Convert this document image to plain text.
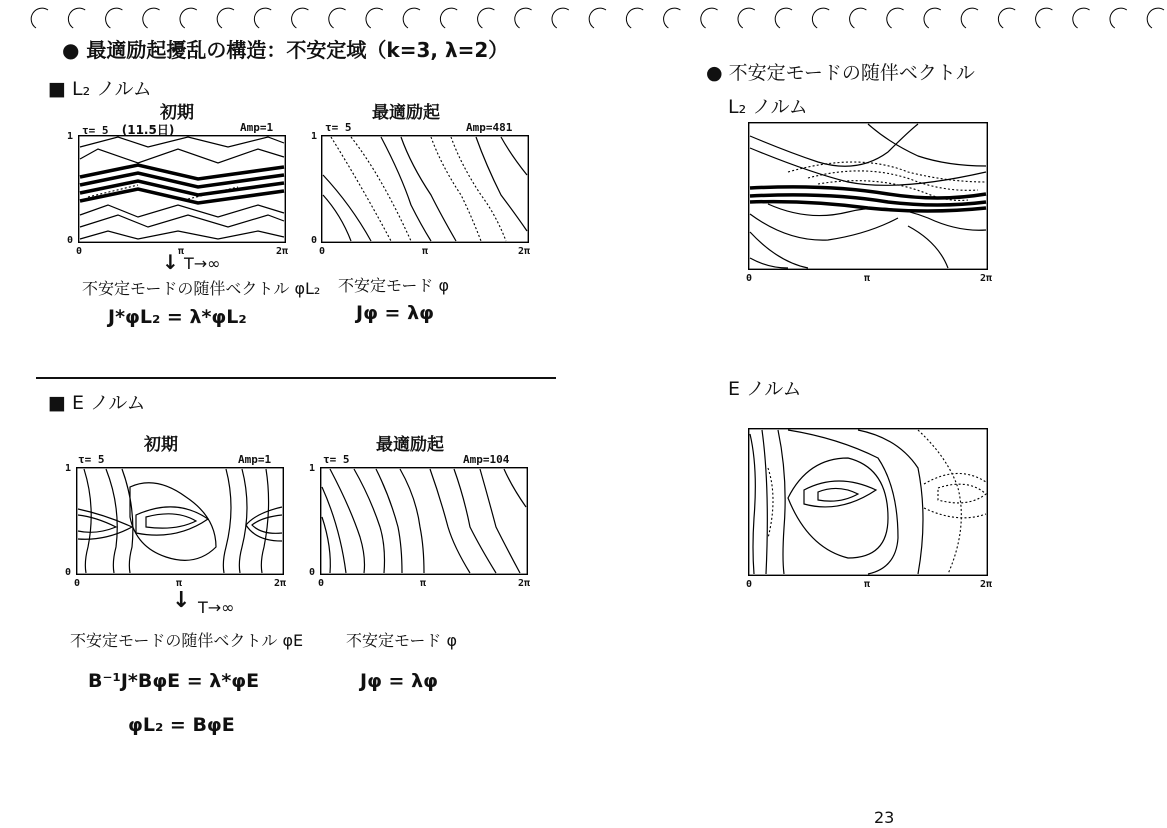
● 最適励起擾乱の構造：不安定域（k=3, λ=2）
■ L₂ ノルム
初期	最適励起
τ= 5 (11.5日)	Amp=1	τ= 5	Amp=481
1
0
0	π	2π
1
0
0	π	2π
↓ T→∞
不安定モードの随伴ベクトル φL₂ 不安定モード φ
J*φL₂ = λ*φL₂	Jφ = λφ
■ E ノルム
初期	最適励起
τ= 5	Amp=1	τ= 5	Amp=104
1
0
0	π	2π
1
0
0	π	2π
↓ T→∞
不安定モードの随伴ベクトル φE	不安定モード φ
B⁻¹J*BφE = λ*φE	Jφ = λφ
φL₂ = BφE
● 不安定モードの随伴ベクトル
L₂ ノルム
0	π	2π
E ノルム
0	π	2π
23
